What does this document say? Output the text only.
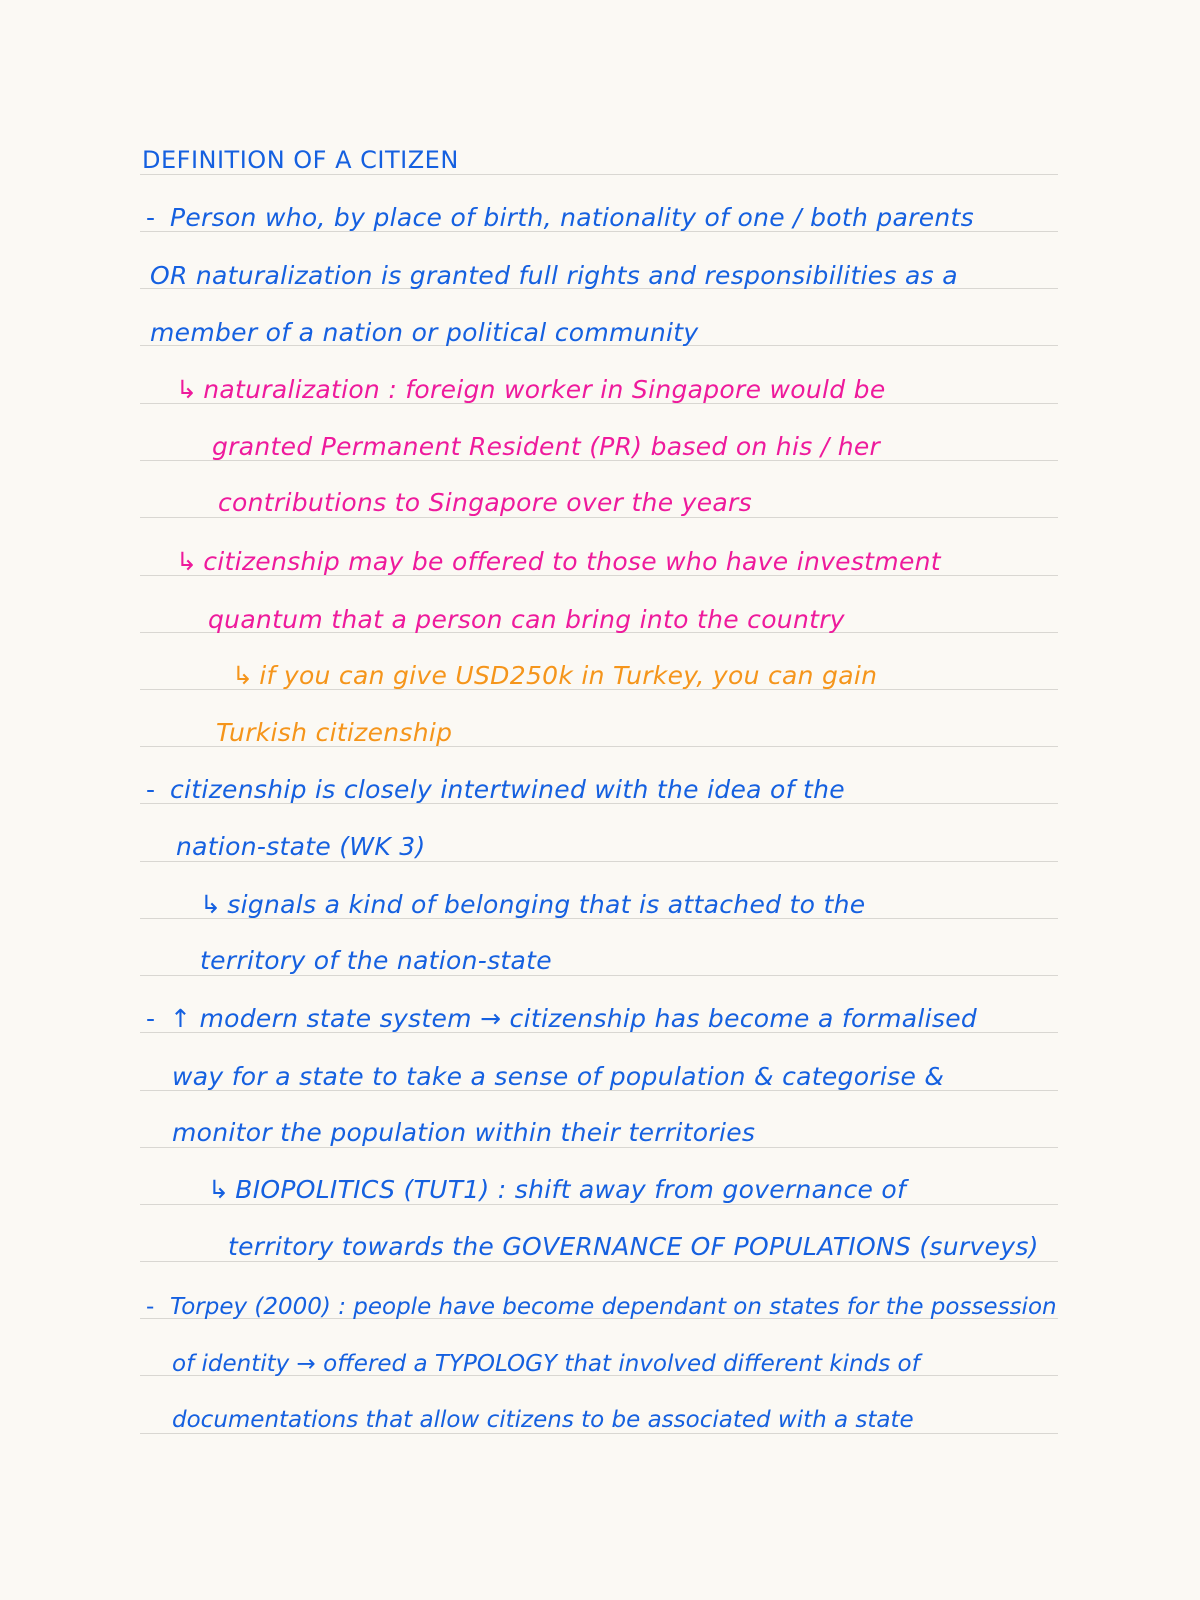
DEFINITION OF A CITIZEN
- Person who, by place of birth, nationality of one / both parents
OR naturalization is granted full rights and responsibilities as a
member of a nation or political community
↳ naturalization : foreign worker in Singapore would be
granted Permanent Resident (PR) based on his / her
contributions to Singapore over the years
↳ citizenship may be offered to those who have investment
quantum that a person can bring into the country
↳ if you can give USD250k in Turkey, you can gain
Turkish citizenship
- citizenship is closely intertwined with the idea of the
nation-state (WK 3)
↳ signals a kind of belonging that is attached to the
territory of the nation-state
- ↑ modern state system → citizenship has become a formalised
way for a state to take a sense of population & categorise &
monitor the population within their territories
↳ BIOPOLITICS (TUT1) : shift away from governance of
territory towards the GOVERNANCE OF POPULATIONS (surveys)
- Torpey (2000) : people have become dependant on states for the possession
of identity → offered a TYPOLOGY that involved different kinds of
documentations that allow citizens to be associated with a state
